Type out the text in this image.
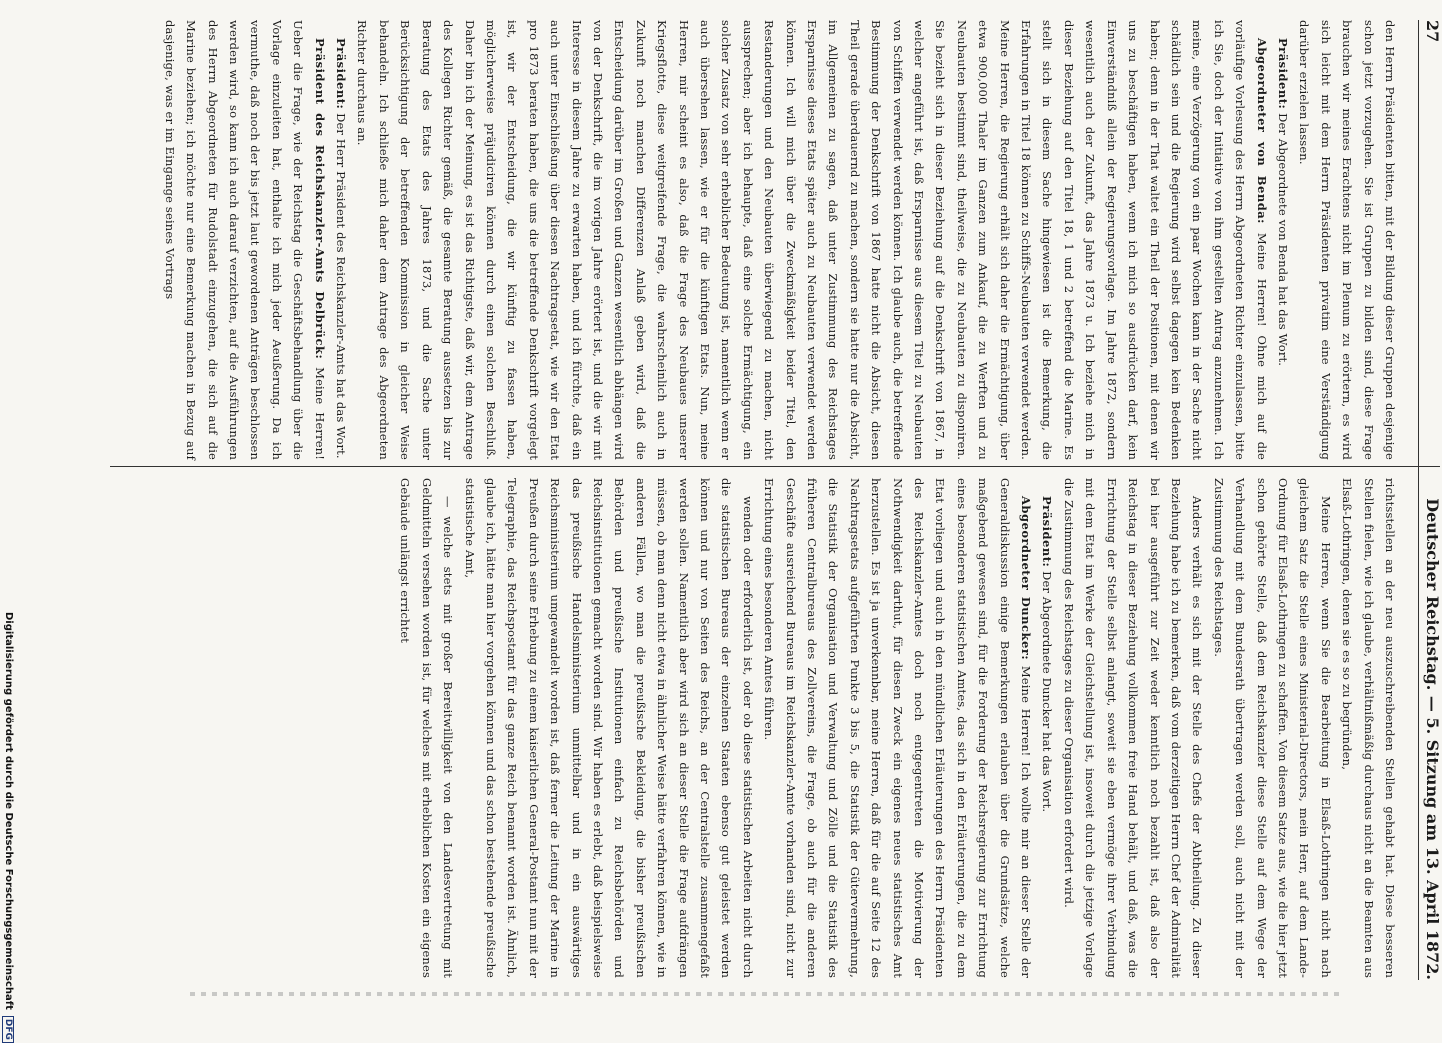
27
Deutscher Reichstag. — 5. Sitzung am 13. April 1872.

richtsstellen an der neu auszuschreibenden Stellen gehabt hat. Diese besseren Stellen fielen, wie ich glaube, verhältnißmäßig durchaus nicht an die Beamten aus Elsaß-Lothringen, denen sie es so zu begründen,

Meine Herren, wenn Sie die Bearbeitung in Elsaß-Lothringen nicht nach gleichem Satz die Stelle eines Ministerial-Directors, mein Herr, auf dem Lande-Ordnung für Elsaß-Lothringen zu schaffen. Von diesem Satze aus, wie die hier jetzt schon gehörte Stelle, daß dem Reichskanzler diese Stelle auf dem Wege der Verhandlung mit dem Bundesrath übertragen werden soll, auch nicht mit der Zustimmung des Reichstages.

Anders verhält es sich mit der Stelle des Chefs der Abtheilung. Zu dieser Beziehung habe ich zu bemerken, daß vom derzeitigen Herrn Chef der Admiralität bei hier ausgeführt zur Zeit weder kenntlich noch bezahlt ist, daß also der Reichstag in dieser Beziehung vollkommen freie Hand behält, und daß, was die Errichtung der Stelle selbst anlangt, soweit sie eben vermöge ihrer Verbindung mit dem Etat im Werke der Gleichstellung ist, insoweit durch die jetzige Vorlage die Zustimmung des Reichstages zu dieser Organisation erfordert wird.

Präsident: Der Abgeordnete Duncker hat das Wort.

Abgeordneter Duncker: Meine Herren! Ich wollte mir an dieser Stelle der Generaldiskussion einige Bemerkungen erlauben über die Grundsätze, welche maßgebend gewesen sind, für die Forderung der Reichsregierung zur Errichtung eines besonderen statistischen Amtes, das sich in den Erläuterungen, die zu dem Etat vorliegen und auch in den mündlichen Erläuterungen des Herrn Präsidenten des Reichskanzler-Amtes doch noch entgegentreten die Motivierung der Nothwendigkeit darthut, für diesen Zweck ein eigenes neues statistisches Amt herzustellen. Es ist ja unverkennbar, meine Herren, daß für die auf Seite 12 des Nachtragsetats aufgeführten Punkte 3 bis 5, die Statistik der Gütervermehrung, die Statistik der Organisation und Verwaltung und Zölle und die Statistik des früheren Centralbureaus des Zollvereins, die Frage, ob auch für die anderen Geschäfte ausreichend Bureaus im Reichskanzler-Amte vorhanden sind, nicht zur Errichtung eines besonderen Amtes führen.

wenden oder erforderlich ist, oder ob diese statistischen Arbeiten nicht durch die statistischen Bureaus der einzelnen Staaten ebenso gut geleistet werden können und nur von Seiten des Reichs, an der Centralstelle zusammengefaßt werden sollen. Namentlich aber wird sich an dieser Stelle die Frage aufdrängen müssen, ob man denn nicht etwa in ähnlicher Weise hätte verfahren können, wie in anderen Fällen, wo man die preußische Bekleidung, die bisher preußischen Behörden und preußische Institutionen einfach zu Reichsbehörden und Reichsinstitutionen gemacht worden sind. Wir haben es erlebt, daß beispielsweise das preußische Handelsministerium unmittelbar und in ein auswärtiges Reichsministerium umgewandelt worden ist, daß ferner die Leitung der Marine in Preußen durch seine Erhebung zu einem kaiserlichen General-Postamt nun mit der Telegraphie, das Reichspostamt für das ganze Reich benannt worden ist. Ähnlich, glaube ich, hätte man hier vorgehen können und das schon bestehende preußische statistische Amt,

— welche stets mit großer Bereitwilligkeit von den Landesvertretung mit Geldmitteln versehen worden ist, für welches mit erheblichen Kosten ein eigenes Gebäude unlängst errichtet

den Herrn Präsidenten bitten, mit der Bildung dieser Gruppen desjenige schon jetzt vorzugehen. Sie ist Gruppen zu bilden sind, diese Frage brauchen wir meines Erachtens nicht im Plenum zu erörtern, es wird sich leicht mit dem Herrn Präsidenten privatim eine Verständigung darüber erzielen lassen.

Präsident: Der Abgeordnete von Benda hat das Wort.

Abgeordneter von Benda: Meine Herren! Ohne mich auf die vorläufige Vorlesung des Herrn Abgeordneten Richter einzulassen, bitte ich Sie, doch der Initiative von ihm gestellten Antrag anzunehmen. Ich meine, eine Verzögerung von ein paar Wochen kann in der Sache nicht schädlich sein und die Regierung wird selbst dagegen kein Bedenken haben; denn in der That waltet ein Theil der Positionen, mit denen wir uns zu beschäftigen haben, wenn ich mich so ausdrücken darf, kein Einverständniß allein der Regierungsvorlage. Im Jahre 1872, sondern wesentlich auch der Zukunft, das Jahre 1873 u. Ich beziehe mich in dieser Beziehung auf den Titel 18, 1 und 2 betreffend die Marine. Es stellt sich in diesem Sache hingewiesen ist die Bemerkung, die Erfahrungen in Titel 18 können zu Schiffs-Neubauten verwendet werden. Meine Herren, die Regierung erhält sich daher die Ermächtigung, über etwa 900,000 Thaler im Ganzen zum Ankauf, die zu Werften und zu Neubauten bestimmt sind, theilweise, die zu Neubauten zu disponiren. Sie bezieht sich in dieser Beziehung auf die Denkschrift von 1867, in welcher angeführt ist, daß Ersparnisse aus diesem Titel zu Neubauten von Schiffen verwendet werden können. Ich glaube auch, die betreffende Bestimmung der Denkschrift von 1867 hatte nicht die Absicht, diesen Theil gerade überdauernd zu machen, sondern sie hatte nur die Absicht, im Allgemeinen zu sagen, daß unter Zustimmung des Reichstages Ersparnisse dieses Etats später auch zu Neubauten verwendet werden können. Ich will mich über die Zweckmäßigkeit beider Titel, den Restanderungen und den Neubauten überwiegend zu machen, nicht aussprechen; aber ich behaupte, daß eine solche Ermächtigung, ein solcher Zusatz von sehr erheblicher Bedeutung ist, namentlich wenn er auch übersehen lassen, wie er für die künftigen Etats. Nun, meine Herren, mir scheint es also, daß die Frage des Neubaues unserer Kriegsflotte, diese weitgreifende Frage, die wahrscheinlich auch in Zukunft noch manchen Differenzen Anlaß geben wird, daß die Entscheidung darüber im Großen und Ganzen wesentlich abhängen wird von der Denkschrift, die im vorigen Jahre erörtert ist, und die wir mit Interesse in diesem Jahre zu erwarten haben, und ich fürchte, daß ein auch unter Einschließung über diesen Nachtragsetat, wie wir den Etat pro 1873 beraten haben, die uns die betreffende Denkschrift vorgelegt ist, wir der Entscheidung, die wir künftig zu fassen haben, möglicherweise präjudiciren können durch einen solchen Beschluß. Daher bin ich der Meinung, es ist das Richtigste, daß wir, dem Antrage des Kollegen Richter gemäß, die gesamte Beratung aussetzen bis zur Beratung des Etats des Jahres 1873, und die Sache unter Berücksichtigung der betreffenden Kommission in gleicher Weise behandeln. Ich schließe mich daher dem Antrage des Abgeordneten Richter durchaus an.

Präsident: Der Herr Präsident des Reichskanzler-Amts hat das Wort.

Präsident des Reichskanzler-Amts Delbrück: Meine Herren! Ueber die Frage, wie der Reichstag die Geschäftsbehandlung über die Vorlage einzuleiten hat, enthalte ich mich jeder Aeußerung. Da ich vermuthe, daß noch der bis jetzt laut gewordenen Anträgen beschlossen werden wird, so kann ich auch darauf verzichten, auf die Ausführungen des Herrn Abgeordneten für Rudolstadt einzugehen, die sich auf die Marine beziehen; ich möchte nur eine Bemerkung machen in Bezug auf dasjenige, was er im Eingange seines Vortrags

Digitalisierung gefördert durch die Deutsche ForschungsgemeinschaftDFG
